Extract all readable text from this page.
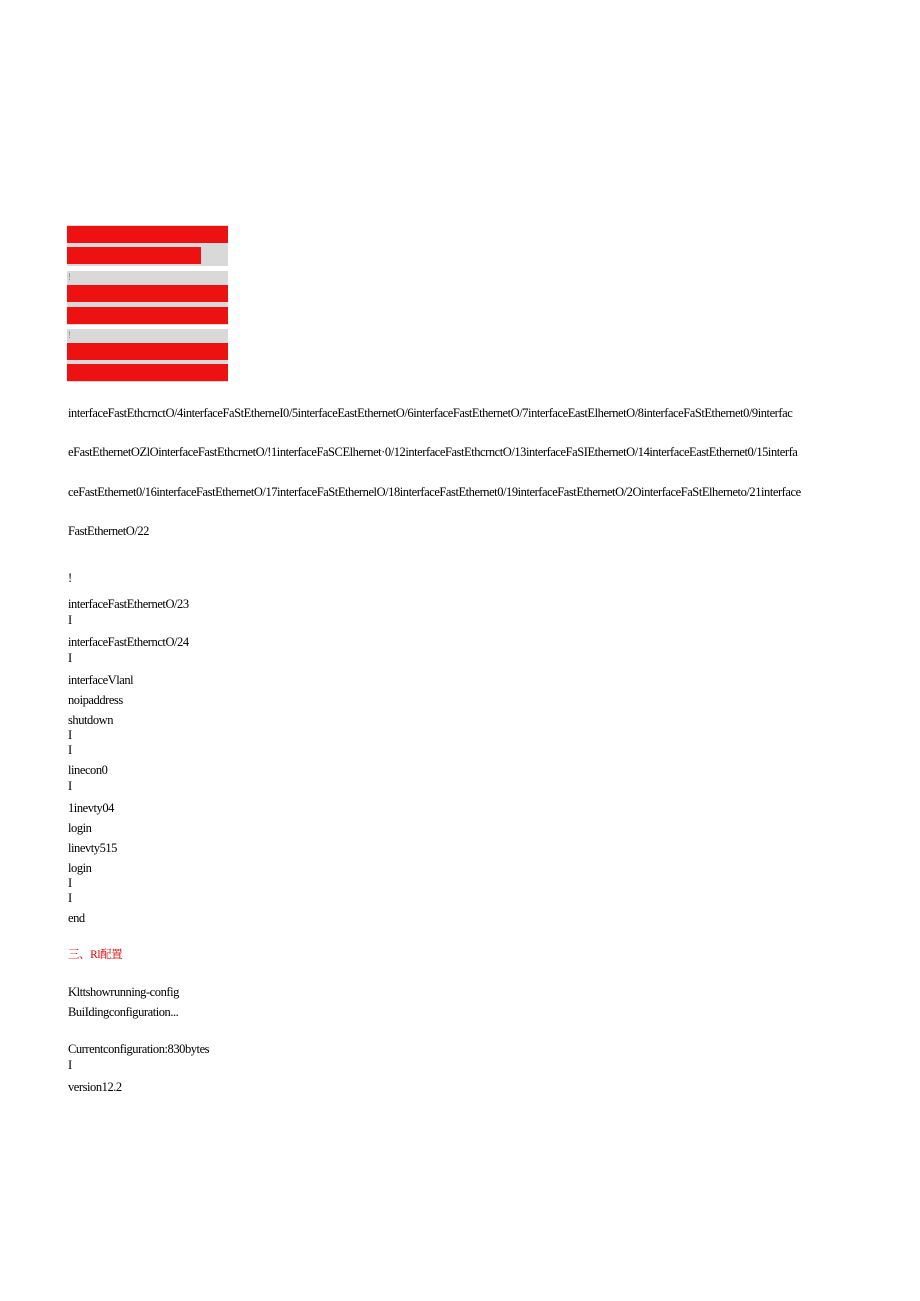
!
!
interfaceFastEthcrnctO/4interfaceFaStEtherneI0/5interfaceEastEthernetO/6interfaceFastEthernetO/7interfaceEastElhernetO/8interfaceFaStEthernet0/9interfac
eFastEthernetOZlOinterfaceFastEthcrnetO/!1interfaceFaSCElhernet·0/12interfaceFastEthcrnctO/13interfaceFaSIEthernetO/14interfaceEastEthernet0/15interfa
ceFastEthernet0/16interfaceFastEthernetO/17interfaceFaStEthernelO/18interfaceFastEthernet0/19interfaceFastEthernetO/2OinterfaceFaStElherneto/21interface
FastEthernetO/22
!
interfaceFastEthernetO/23
I
interfaceFastEthernctO/24
I
interfaceVlanl
noipaddress
shutdown
I
I
linecon0
I
1inevty04
login
linevty515
login
I
I
end
三、Rl配置
Klttshowrunning-config
BuiIdingconfiguration...
Currentconfiguration:830bytes
I
version12.2
